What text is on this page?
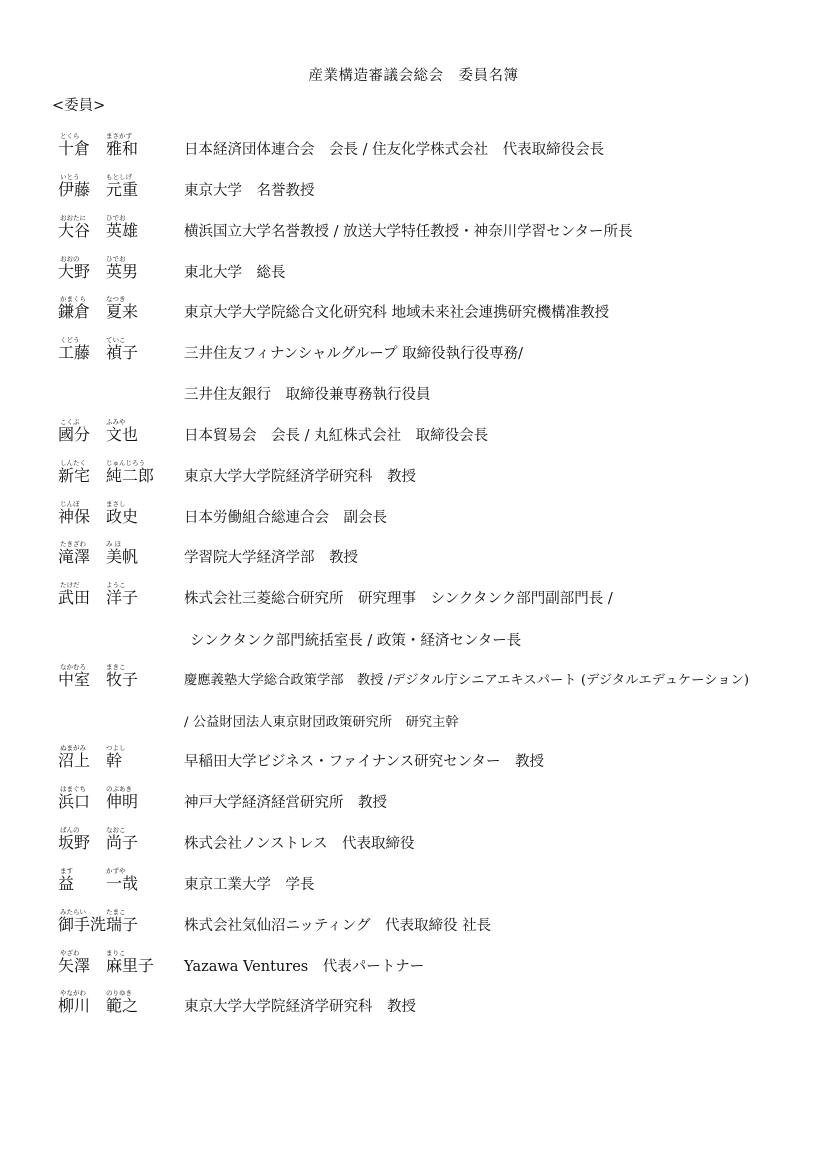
産業構造審議会総会　委員名簿
<委員>
とくら	まさかず
十倉 雅和	日本経済団体連合会　会長 / 住友化学株式会社　代表取締役会長
いとう	もとしげ
伊藤 元重	東京大学　名誉教授
おおたに	ひでお
大谷 英雄	横浜国立大学名誉教授 / 放送大学特任教授・神奈川学習センター所長
おおの	ひでお
大野 英男	東北大学　総長
かまくら	なつき
鎌倉 夏来	東京大学大学院総合文化研究科 地域未来社会連携研究機構准教授
くどう	ていこ
工藤 禎子	三井住友フィナンシャルグループ 取締役執行役専務/
三井住友銀行　取締役兼専務執行役員
こくぶ	ふみや
國分 文也	日本貿易会　会長 / 丸紅株式会社　取締役会長
しんたく	じゅんじろう
新宅 純二郎 東京大学大学院経済学研究科　教授
じんぼ	まさし
神保 政史	日本労働組合総連合会　副会長
たきざわ	み ほ
滝澤 美帆	学習院大学経済学部　教授
たけだ	ようこ
武田 洋子	株式会社三菱総合研究所　研究理事　シンクタンク部門副部門長 /
シンクタンク部門統括室長 / 政策・経済センター長
なかむろ	まきこ
中室 牧子	慶應義塾大学総合政策学部　教授 /デジタル庁シニアエキスパート (デジタルエデュケーション)
/ 公益財団法人東京財団政策研究所　研究主幹
ぬまがみ	つよし
沼上 幹	早稲田大学ビジネス・ファイナンス研究センター　教授
はまぐち	のぶあき
浜口 伸明	神戸大学経済経営研究所　教授
ばんの	なおこ
坂野 尚子	株式会社ノンストレス　代表取締役
ます	かずや
益 一哉	東京工業大学　学長
みたらい	たまこ
御手洗 瑞子	株式会社気仙沼ニッティング　代表取締役 社長
やざわ	まりこ
矢澤 麻里子 Yazawa Ventures　代表パートナー
やながわ	のりゆき
柳川 範之	東京大学大学院経済学研究科　教授
